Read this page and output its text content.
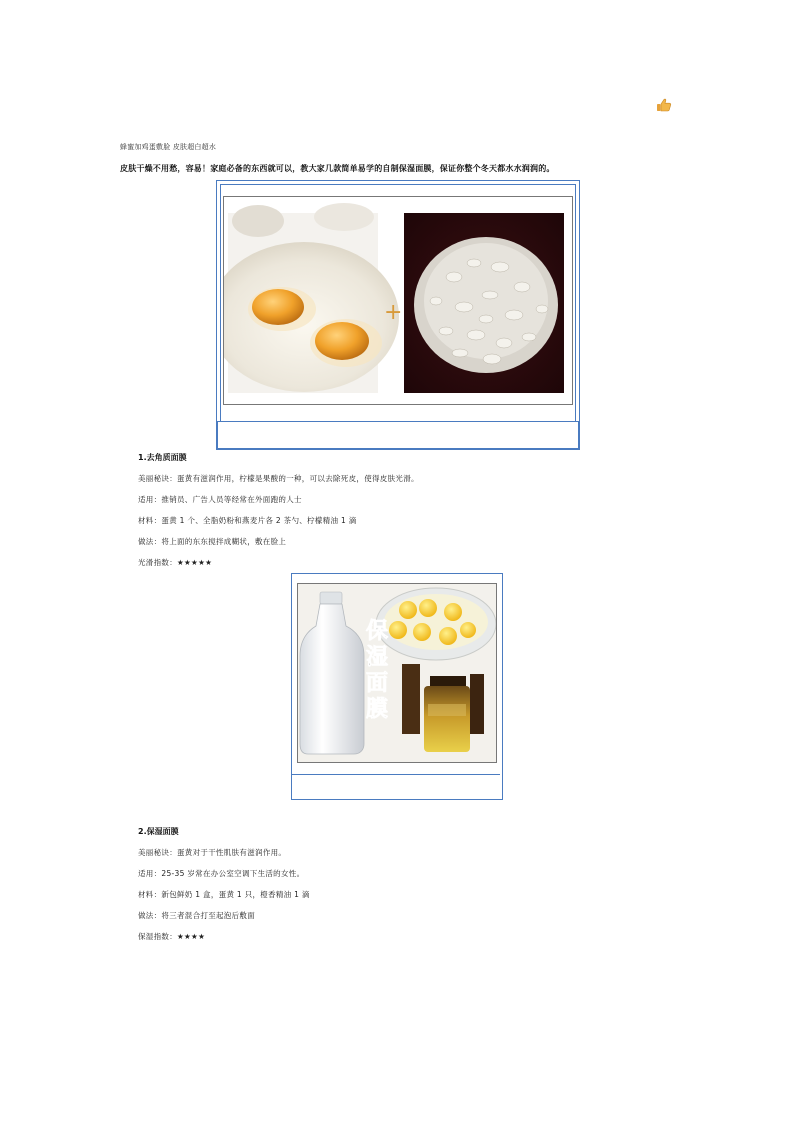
蜂蜜加鸡蛋敷脸 皮肤超白超水
皮肤干燥不用愁，容易！家庭必备的东西就可以，教大家几款简单易学的自制保湿面膜，保证你整个冬天都水水润润的。
+
1.去角质面膜
美丽秘诀：蛋黄有滋润作用，柠檬是果酸的一种，可以去除死皮，使得皮肤光滑。
适用：推销员、广告人员等经常在外面跑的人士
材料：蛋黄 1 个、全脂奶粉和燕麦片各 2 茶勺、柠檬精油 1 滴
做法：将上面的东东搅拌成糊状，敷在脸上
光滑指数：★★★★★
保
湿
面
膜
2.保湿面膜
美丽秘诀：蛋黄对于干性肌肤有滋润作用。
适用：25-35 岁常在办公室空调下生活的女性。
材料：新包鲜奶 1 盒，蛋黄 1 只，橙香精油 1 滴
做法：将三者混合打至起泡后敷面
保湿指数：★★★★
